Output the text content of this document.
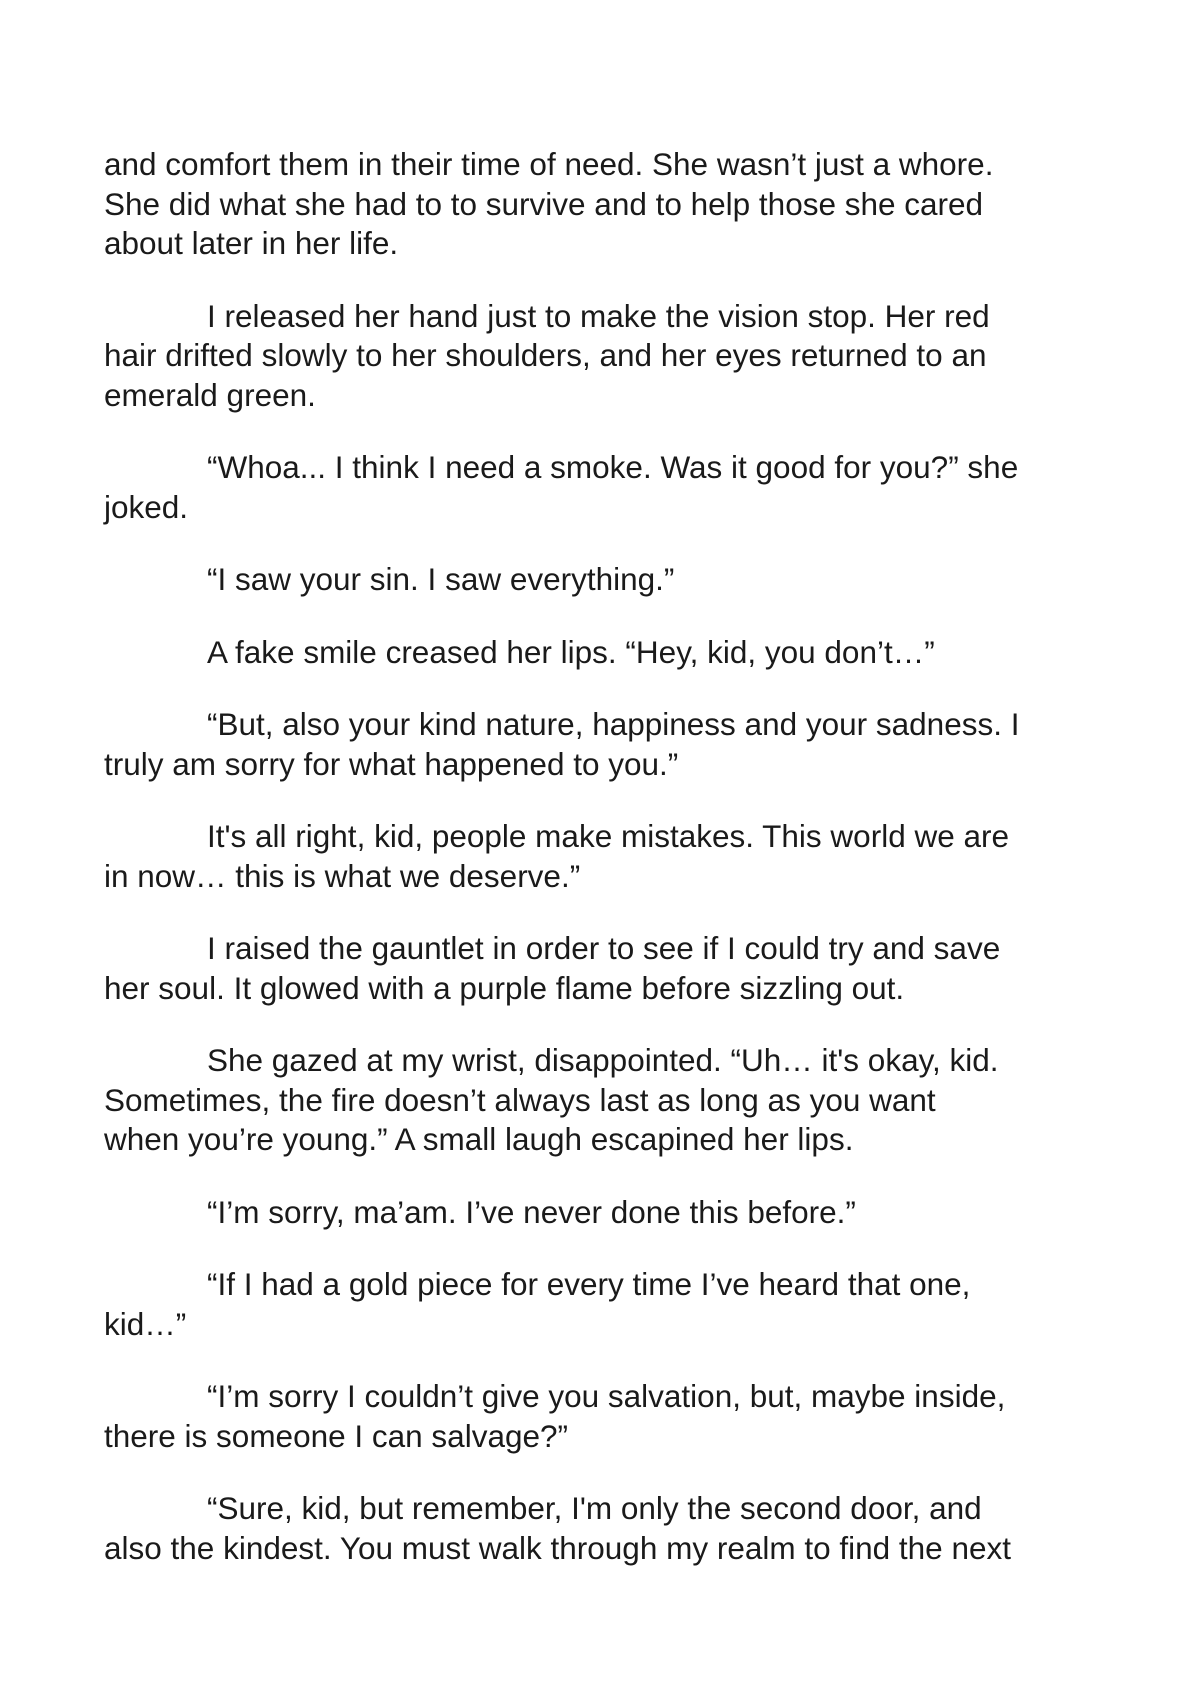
and comfort them in their time of need. She wasn’t just a whore.
She did what she had to to survive and to help those she cared
about later in her life.

I released her hand just to make the vision stop. Her red
hair drifted slowly to her shoulders, and her eyes returned to an
emerald green.

“Whoa... I think I need a smoke. Was it good for you?” she
joked.

“I saw your sin. I saw everything.”

A fake smile creased her lips. “Hey, kid, you don’t…”

“But, also your kind nature, happiness and your sadness. I
truly am sorry for what happened to you.”

It's all right, kid, people make mistakes. This world we are
in now… this is what we deserve.”

I raised the gauntlet in order to see if I could try and save
her soul. It glowed with a purple flame before sizzling out.

She gazed at my wrist, disappointed. “Uh… it's okay, kid.
Sometimes, the fire doesn’t always last as long as you want
when you’re young.” A small laugh escapined her lips.

“I’m sorry, ma’am. I’ve never done this before.”

“If I had a gold piece for every time I’ve heard that one,
kid…”

“I’m sorry I couldn’t give you salvation, but, maybe inside,
there is someone I can salvage?”

“Sure, kid, but remember, I'm only the second door, and
also the kindest. You must walk through my realm to find the next
